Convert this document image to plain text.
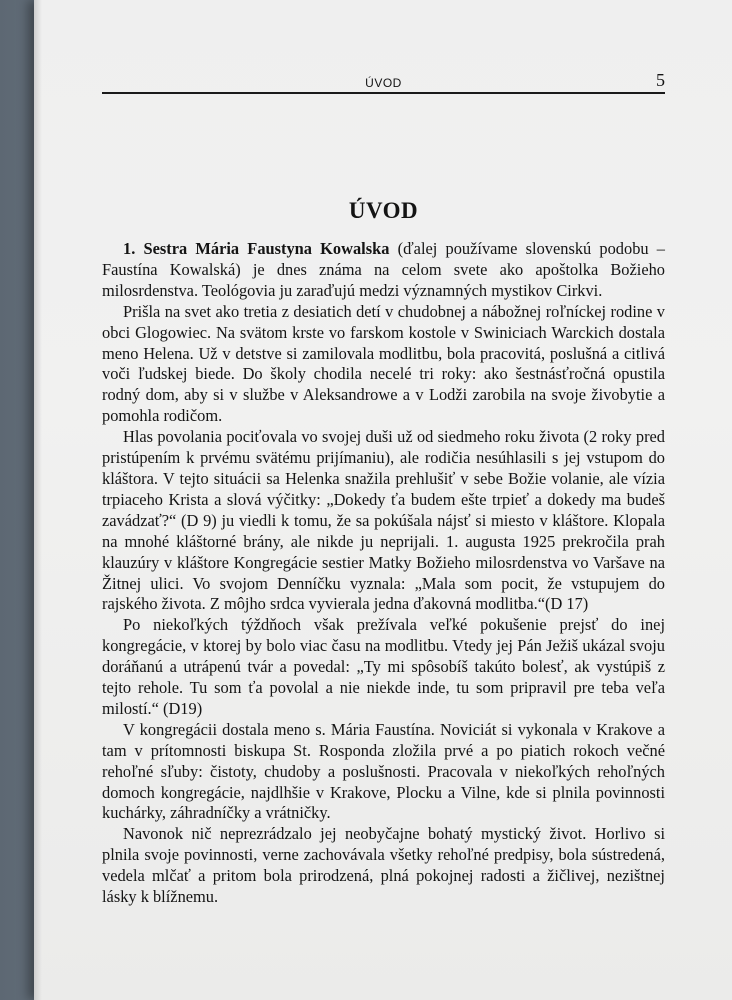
ÚVOD	5
ÚVOD

1. Sestra Mária Faustyna Kowalska (ďalej používame slovenskú podobu – Faustína Kowalská) je dnes známa na celom svete ako apoštolka Božieho milosrdenstva. Teológovia ju zaraďujú medzi významných mystikov Cirkvi.

Prišla na svet ako tretia z desiatich detí v chudobnej a nábožnej roľníckej rodine v obci Glogowiec. Na svätom krste vo farskom kostole v Swiniciach Warckich dostala meno Helena. Už v detstve si zamilovala modlitbu, bola pracovitá, poslušná a citlivá voči ľudskej biede. Do školy chodila necelé tri roky: ako šestnásťročná opustila rodný dom, aby si v službe v Aleksandrowe a v Lodži zarobila na svoje živobytie a pomohla rodičom.

Hlas povolania pociťovala vo svojej duši už od siedmeho roku života (2 roky pred pristúpením k prvému svätému prijímaniu), ale rodičia nesúhlasili s jej vstupom do kláštora. V tejto situácii sa Helenka snažila prehlušiť v sebe Božie volanie, ale vízia trpiaceho Krista a slová výčitky: „Dokedy ťa budem ešte trpieť a dokedy ma budeš zavádzať?“ (D 9) ju viedli k tomu, že sa pokúšala nájsť si miesto v kláštore. Klopala na mnohé kláštorné brány, ale nikde ju neprijali. 1. augusta 1925 prekročila prah klauzúry v kláštore Kongregácie sestier Matky Božieho milosrdenstva vo Varšave na Žitnej ulici. Vo svojom Denníčku vyznala: „Mala som pocit, že vstupujem do rajského života. Z môjho srdca vyvierala jedna ďakovná modlitba.“(D 17)

Po niekoľkých týždňoch však prežívala veľké pokušenie prejsť do inej kongregácie, v ktorej by bolo viac času na modlitbu. Vtedy jej Pán Ježiš ukázal svoju doráňanú a utrápenú tvár a povedal: „Ty mi spôsobíš takúto bolesť, ak vystúpiš z tejto rehole. Tu som ťa povolal a nie niekde inde, tu som pripravil pre teba veľa milostí.“ (D19)

V kongregácii dostala meno s. Mária Faustína. Noviciát si vykonala v Krakove a tam v prítomnosti biskupa St. Rosponda zložila prvé a po piatich rokoch večné rehoľné sľuby: čistoty, chudoby a poslušnosti. Pracovala v niekoľkých rehoľných domoch kongregácie, najdlhšie v Krakove, Plocku a Vilne, kde si plnila povinnosti kuchárky, záhradníčky a vrátničky.

Navonok nič neprezrádzalo jej neobyčajne bohatý mystický život. Horlivo si plnila svoje povinnosti, verne zachovávala všetky rehoľné predpisy, bola sústredená, vedela mlčať a pritom bola prirodzená, plná pokojnej radosti a žičlivej, nezištnej lásky k blížnemu.
